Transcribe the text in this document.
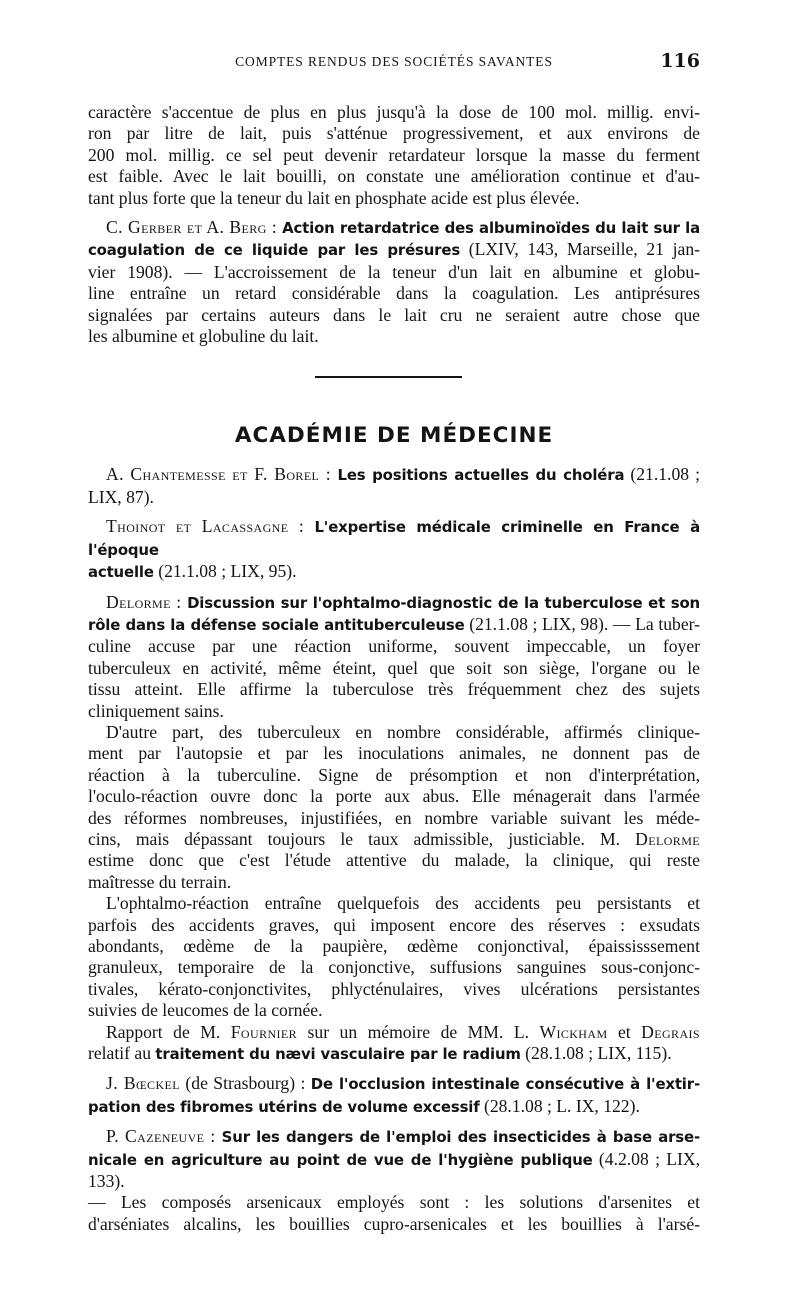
COMPTES RENDUS DES SOCIÉTÉS SAVANTES	116

caractère s'accentue de plus en plus jusqu'à la dose de 100 mol. millig. envi-
ron par litre de lait, puis s'atténue progressivement, et aux environs de
200 mol. millig. ce sel peut devenir retardateur lorsque la masse du ferment
est faible. Avec le lait bouilli, on constate une amélioration continue et d'au-
tant plus forte que la teneur du lait en phosphate acide est plus élevée.

C. Gerber et A. Berg : Action retardatrice des albuminoïdes du lait sur la
coagulation de ce liquide par les présures (LXIV, 143, Marseille, 21 jan-
vier 1908). — L'accroissement de la teneur d'un lait en albumine et globu-
line entraîne un retard considérable dans la coagulation. Les antiprésures
signalées par certains auteurs dans le lait cru ne seraient autre chose que
les albumine et globuline du lait.

ACADÉMIE DE MÉDECINE

A. Chantemesse et F. Borel : Les positions actuelles du choléra (21.1.08 ;
LIX, 87).

Thoinot et Lacassagne : L'expertise médicale criminelle en France à l'époque
actuelle (21.1.08 ; LIX, 95).

Delorme : Discussion sur l'ophtalmo-diagnostic de la tuberculose et son
rôle dans la défense sociale antituberculeuse (21.1.08 ; LIX, 98). — La tuber-
culine accuse par une réaction uniforme, souvent impeccable, un foyer
tuberculeux en activité, même éteint, quel que soit son siège, l'organe ou le
tissu atteint. Elle affirme la tuberculose très fréquemment chez des sujets
cliniquement sains.

D'autre part, des tuberculeux en nombre considérable, affirmés clinique-
ment par l'autopsie et par les inoculations animales, ne donnent pas de
réaction à la tuberculine. Signe de présomption et non d'interprétation,
l'oculo-réaction ouvre donc la porte aux abus. Elle ménagerait dans l'armée
des réformes nombreuses, injustifiées, en nombre variable suivant les méde-
cins, mais dépassant toujours le taux admissible, justiciable. M. Delorme
estime donc que c'est l'étude attentive du malade, la clinique, qui reste
maîtresse du terrain.

L'ophtalmo-réaction entraîne quelquefois des accidents peu persistants et
parfois des accidents graves, qui imposent encore des réserves : exsudats
abondants, œdème de la paupière, œdème conjonctival, épaississsement
granuleux, temporaire de la conjonctive, suffusions sanguines sous-conjonc-
tivales, kérato-conjonctivites, phlycténulaires, vives ulcérations persistantes
suivies de leucomes de la cornée.

Rapport de M. Fournier sur un mémoire de MM. L. Wickham et Degrais
relatif au traitement du nævi vasculaire par le radium (28.1.08 ; LIX, 115).

J. Bœckel (de Strasbourg) : De l'occlusion intestinale consécutive à l'extir-
pation des fibromes utérins de volume excessif (28.1.08 ; L. IX, 122).

P. Cazeneuve : Sur les dangers de l'emploi des insecticides à base arse-
nicale en agriculture au point de vue de l'hygiène publique (4.2.08 ; LIX, 133).
— Les composés arsenicaux employés sont : les solutions d'arsenites et
d'arséniates alcalins, les bouillies cupro-arsenicales et les bouillies à l'arsé-
